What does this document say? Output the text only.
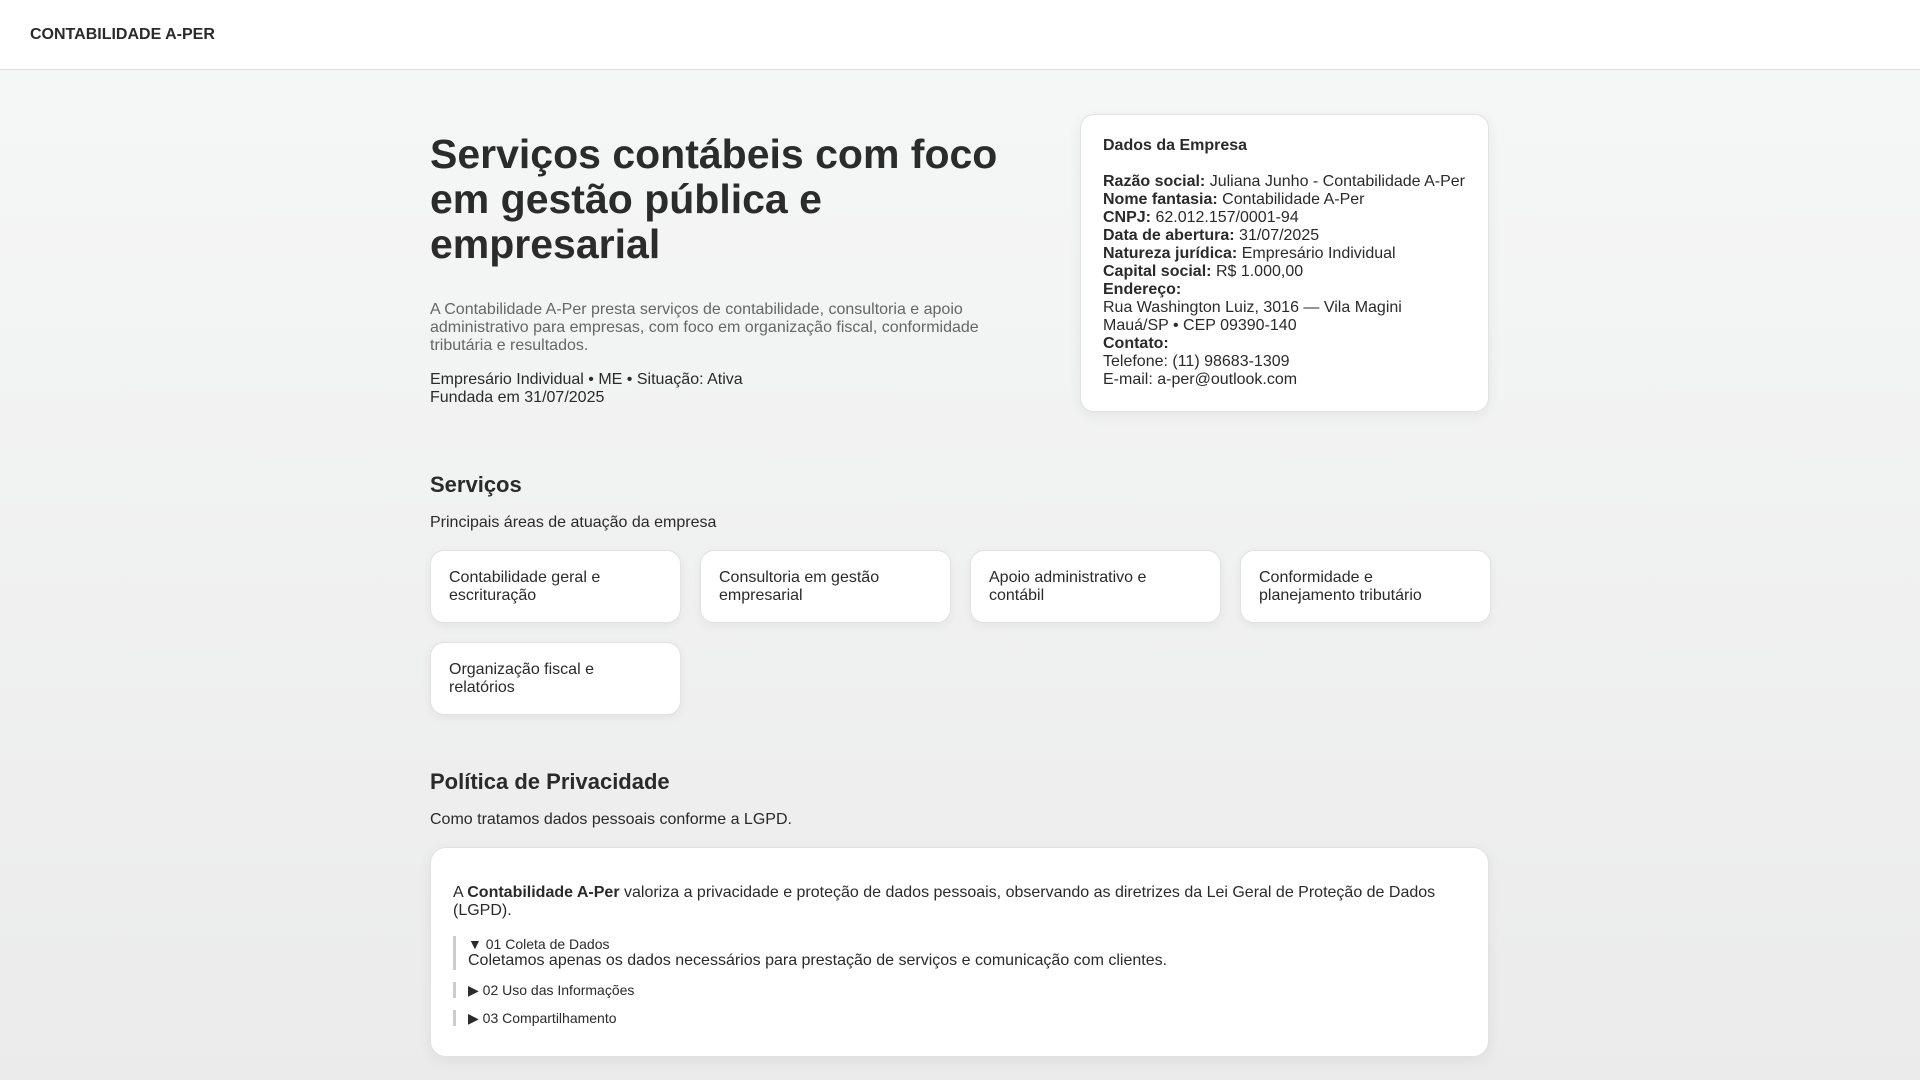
CONTABILIDADE A-PER
Serviços contábeis com foco em gestão pública e empresarial

A Contabilidade A-Per presta serviços de contabilidade, consultoria e apoio administrativo para empresas, com foco em organização fiscal, conformidade tributária e resultados.

Empresário Individual • ME • Situação: Ativa
Fundada em 31/07/2025
Dados da Empresa
Razão social: Juliana Junho - Contabilidade A-Per
Nome fantasia: Contabilidade A-Per
CNPJ: 62.012.157/0001-94
Data de abertura: 31/07/2025
Natureza jurídica: Empresário Individual
Capital social: R$ 1.000,00
Endereço:
Rua Washington Luiz, 3016 — Vila Magini
Mauá/SP • CEP 09390-140
Contato:
Telefone: (11) 98683-1309
E-mail: a-per@outlook.com
Serviços

Principais áreas de atuação da empresa

Contabilidade geral e escrituração
Consultoria em gestão empresarial
Apoio administrativo e contábil
Conformidade e planejamento tributário
Organização fiscal e relatórios
Política de Privacidade

Como tratamos dados pessoais conforme a LGPD.

A Contabilidade A-Per valoriza a privacidade e proteção de dados pessoais, observando as diretrizes da Lei Geral de Proteção de Dados (LGPD).

▼ 01 Coleta de Dados
Coletamos apenas os dados necessários para prestação de serviços e comunicação com clientes.
▶ 02 Uso das Informações
▶ 03 Compartilhamento
